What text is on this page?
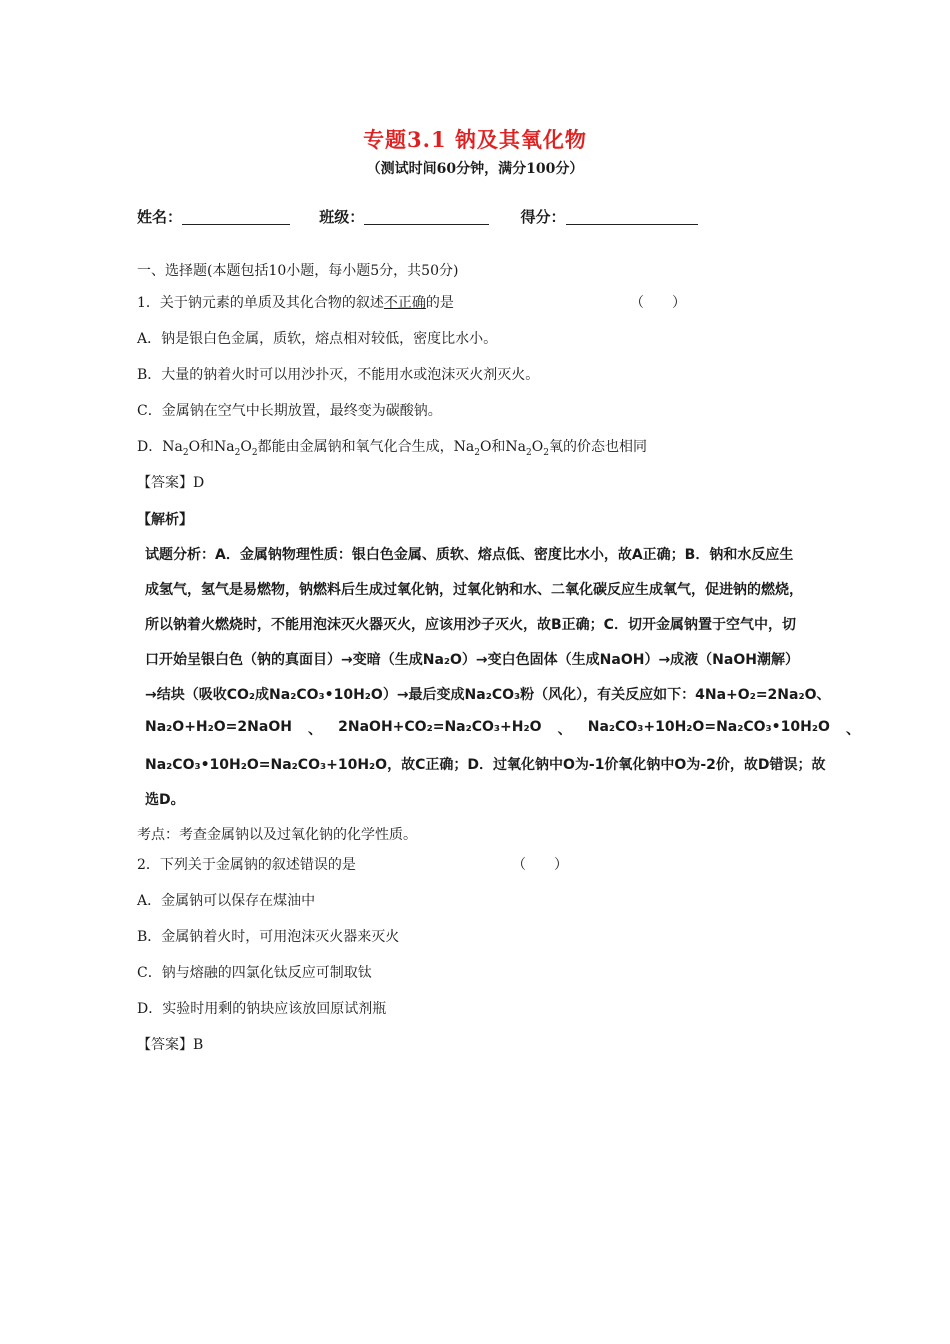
专题3.1 钠及其氧化物
（测试时间60分钟，满分100分）
姓名：	班级：	得分：
一、选择题(本题包括10小题，每小题5分，共50分)
1．关于钠元素的单质及其化合物的叙述不正确的是	（　　）
A．钠是银白色金属，质软，熔点相对较低，密度比水小。
B．大量的钠着火时可以用沙扑灭，不能用水或泡沫灭火剂灭火。
C．金属钠在空气中长期放置，最终变为碳酸钠。
D．$Na_2O$和$Na_2O_2$都能由金属钠和氧气化合生成，$Na_2O$和$Na_2O_2$氧的价态也相同
【答案】D
【解析】
试题分析：A．金属钠物理性质：银白色金属、质软、熔点低、密度比水小，故A正确；B．钠和水反应生
成氢气，氢气是易燃物，钠燃料后生成过氧化钠，过氧化钠和水、二氧化碳反应生成氧气，促进钠的燃烧，
所以钠着火燃烧时，不能用泡沫灭火器灭火，应该用沙子灭火，故B正确；C．切开金属钠置于空气中，切
口开始呈银白色（钠的真面目）→变暗（生成Na₂O）→变白色固体（生成NaOH）→成液（NaOH潮解）
→结块（吸收CO₂成Na₂CO₃•10H₂O）→最后变成Na₂CO₃粉（风化），有关反应如下：4Na+O₂=2Na₂O、
Na₂O+H₂O=2NaOH 、 2NaOH+CO₂=Na₂CO₃+H₂O 、 Na₂CO₃+10H₂O=Na₂CO₃•10H₂O 、
Na₂CO₃•10H₂O=Na₂CO₃+10H₂O，故C正确；D．过氧化钠中O为-1价氧化钠中O为-2价，故D错误；故
选D。
考点：考查金属钠以及过氧化钠的化学性质。
2．下列关于金属钠的叙述错误的是	（　　）
A．金属钠可以保存在煤油中
B．金属钠着火时，可用泡沫灭火器来灭火
C．钠与熔融的四氯化钛反应可制取钛
D．实验时用剩的钠块应该放回原试剂瓶
【答案】B
